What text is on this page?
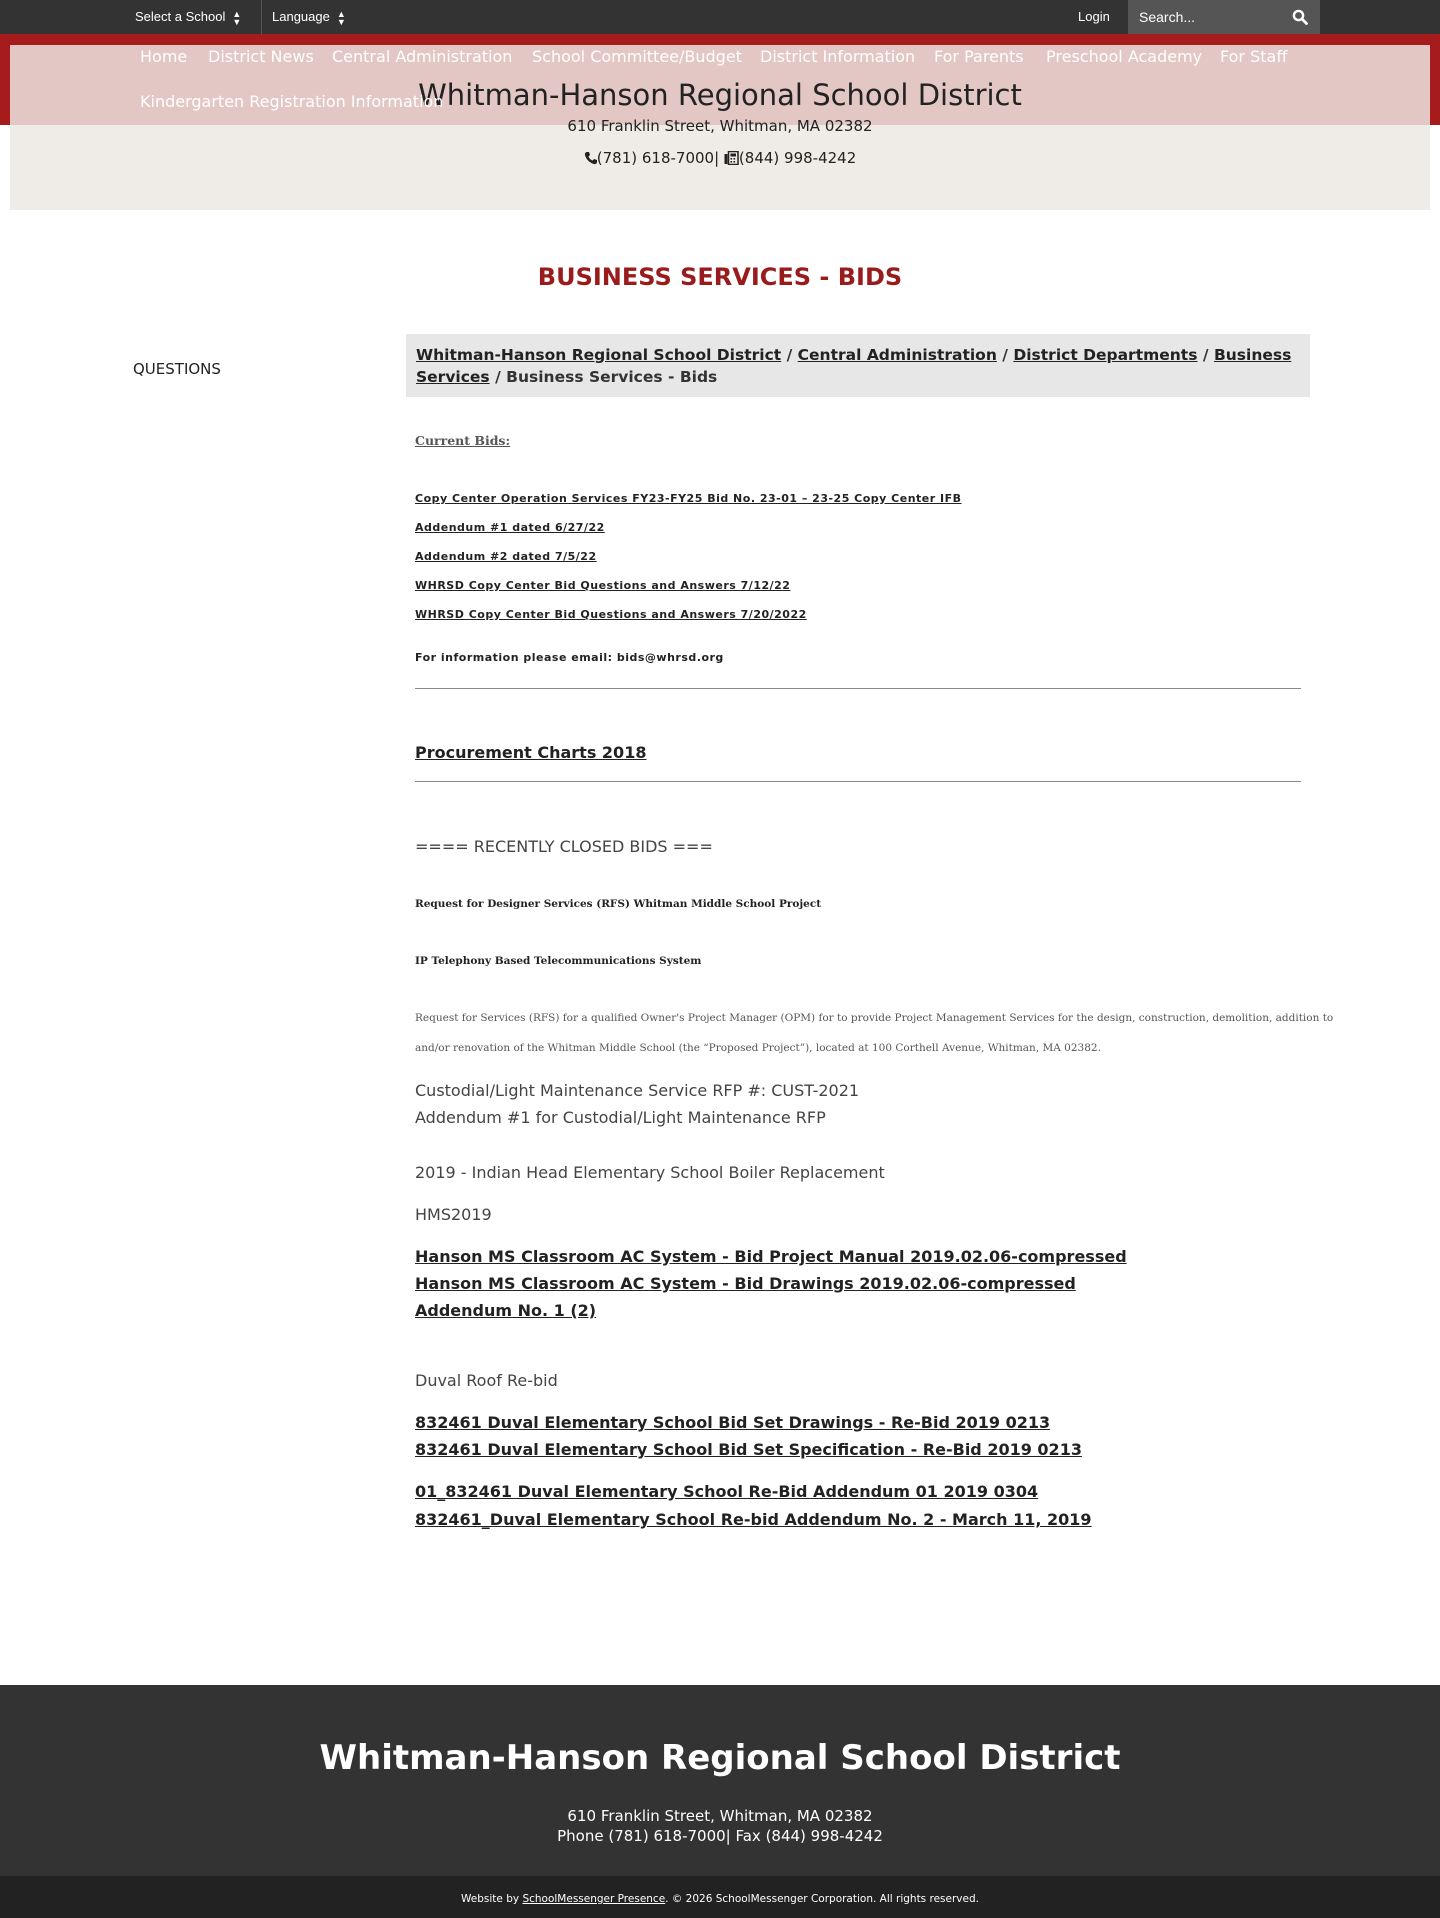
Select a School ▲
▼ Language ▲
▼	Login
Search...
Whitman-Hanson Regional School District
610 Franklin Street, Whitman, MA 02382
(781) 618-7000| (844) 998-4242
Home District News Central Administration School Committee/Budget District Information For Parents Preschool Academy For Staff
Kindergarten Registration Information
BUSINESS SERVICES - BIDS
QUESTIONS
Whitman-Hanson Regional School District / Central Administration / District Departments / Business
Services / Business Services - Bids
Current Bids:
Copy Center Operation Services FY23-FY25 Bid No. 23-01 – 23-25 Copy Center IFB
Addendum #1 dated 6/27/22
Addendum #2 dated 7/5/22
WHRSD Copy Center Bid Questions and Answers 7/12/22
WHRSD Copy Center Bid Questions and Answers 7/20/2022
For information please email: bids@whrsd.org
Procurement Charts 2018
==== RECENTLY CLOSED BIDS ===
Request for Designer Services (RFS) Whitman Middle School Project
IP Telephony Based Telecommunications System
Request for Services (RFS) for a qualified Owner's Project Manager (OPM) for to provide Project Management Services for the design, construction, demolition, addition to
and/or renovation of the Whitman Middle School (the “Proposed Project”), located at 100 Corthell Avenue, Whitman, MA 02382.
Custodial/Light Maintenance Service RFP #: CUST-2021
Addendum #1 for Custodial/Light Maintenance RFP
2019 - Indian Head Elementary School Boiler Replacement
HMS2019
Hanson MS Classroom AC System - Bid Project Manual 2019.02.06-compressed
Hanson MS Classroom AC System - Bid Drawings 2019.02.06-compressed
Addendum No. 1 (2)
Duval Roof Re-bid
832461 Duval Elementary School Bid Set Drawings - Re-Bid 2019 0213
832461 Duval Elementary School Bid Set Specification - Re-Bid 2019 0213
01_832461 Duval Elementary School Re-Bid Addendum 01 2019 0304
832461_Duval Elementary School Re-bid Addendum No. 2 - March 11, 2019
Whitman-Hanson Regional School District
610 Franklin Street, Whitman, MA 02382
Phone (781) 618-7000| Fax (844) 998-4242
Website by SchoolMessenger Presence. © 2026 SchoolMessenger Corporation. All rights reserved.
